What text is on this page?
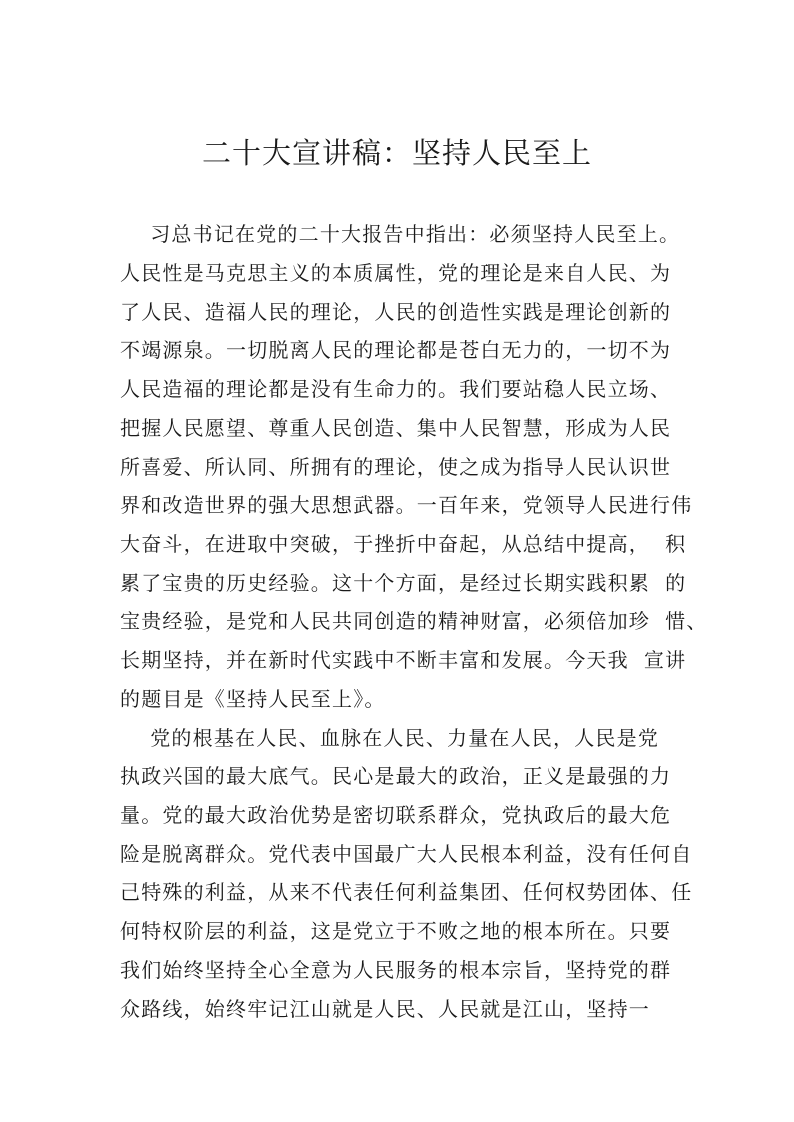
二十大宣讲稿：坚持人民至上
习总书记在党的二十大报告中指出：必须坚持人民至上。
人民性是马克思主义的本质属性，党的理论是来自人民、为
了人民、造福人民的理论，人民的创造性实践是理论创新的
不竭源泉。一切脱离人民的理论都是苍白无力的，一切不为
人民造福的理论都是没有生命力的。我们要站稳人民立场、
把握人民愿望、尊重人民创造、集中人民智慧，形成为人民
所喜爱、所认同、所拥有的理论，使之成为指导人民认识世
界和改造世界的强大思想武器。一百年来，党领导人民进行伟
大奋斗，在进取中突破，于挫折中奋起，从总结中提高，  积
累了宝贵的历史经验。这十个方面，是经过长期实践积累  的
宝贵经验，是党和人民共同创造的精神财富，必须倍加珍  惜、
长期坚持，并在新时代实践中不断丰富和发展。今天我  宣讲
的题目是《坚持人民至上》。
党的根基在人民、血脉在人民、力量在人民，人民是党
执政兴国的最大底气。民心是最大的政治，正义是最强的力
量。党的最大政治优势是密切联系群众，党执政后的最大危
险是脱离群众。党代表中国最广大人民根本利益，没有任何自
己特殊的利益，从来不代表任何利益集团、任何权势团体、任
何特权阶层的利益，这是党立于不败之地的根本所在。只要
我们始终坚持全心全意为人民服务的根本宗旨，坚持党的群
众路线，始终牢记江山就是人民、人民就是江山，坚持一
